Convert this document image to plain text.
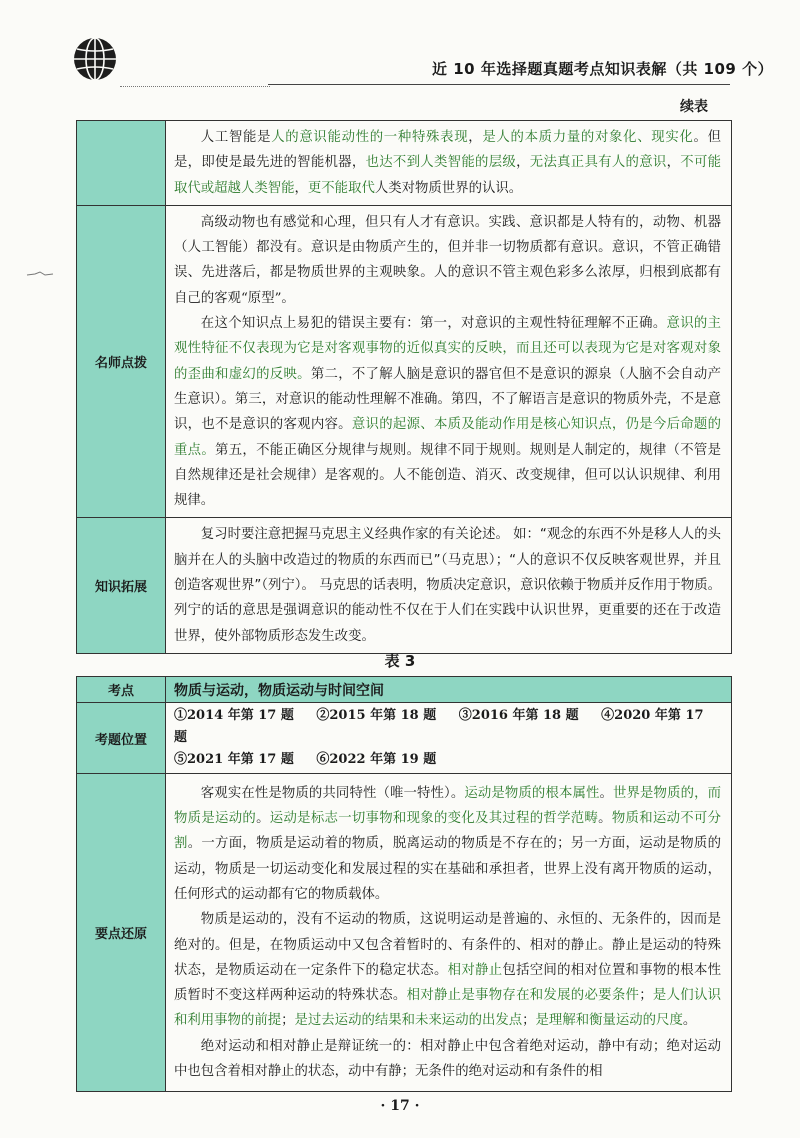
近 10 年选择题真题考点知识表解（共 109 个）
续表

	人工智能是人的意识能动性的一种特殊表现，是人的本质力量的对象化、现实化。但是，即使是最先进的智能机器，也达不到人类智能的层级，无法真正具有人的意识，不可能取代或超越人类智能，更不能取代人类对物质世界的认识。

名师点拨	高级动物也有感觉和心理，但只有人才有意识。实践、意识都是人特有的，动物、机器（人工智能）都没有。意识是由物质产生的，但并非一切物质都有意识。意识，不管正确错误、先进落后，都是物质世界的主观映象。人的意识不管主观色彩多么浓厚，归根到底都有自己的客观“原型”。

在这个知识点上易犯的错误主要有：第一，对意识的主观性特征理解不正确。意识的主观性特征不仅表现为它是对客观事物的近似真实的反映，而且还可以表现为它是对客观对象的歪曲和虚幻的反映。第二，不了解人脑是意识的器官但不是意识的源泉（人脑不会自动产生意识）。第三，对意识的能动性理解不准确。第四，不了解语言是意识的物质外壳，不是意识，也不是意识的客观内容。意识的起源、本质及能动作用是核心知识点，仍是今后命题的重点。第五，不能正确区分规律与规则。规律不同于规则。规则是人制定的，规律（不管是自然规律还是社会规律）是客观的。人不能创造、消灭、改变规律，但可以认识规律、利用规律。

知识拓展	复习时要注意把握马克思主义经典作家的有关论述。 如：“观念的东西不外是移人人的头脑并在人的头脑中改造过的物质的东西而已”（马克思）；“人的意识不仅反映客观世界，并且创造客观世界”（列宁）。 马克思的话表明，物质决定意识，意识依赖于物质并反作用于物质。 列宁的话的意思是强调意识的能动性不仅在于人们在实践中认识世界，更重要的还在于改造世界，使外部物质形态发生改变。

表 3
考点	物质与运动，物质运动与时间空间
考题位置	①2014 年第 17 题 ②2015 年第 18 题 ③2016 年第 18 题 ④2020 年第 17 题
⑤2021 年第 17 题 ⑥2022 年第 19 题

要点还原	客观实在性是物质的共同特性（唯一特性）。运动是物质的根本属性。世界是物质的，而物质是运动的。运动是标志一切事物和现象的变化及其过程的哲学范畴。物质和运动不可分割。一方面，物质是运动着的物质，脱离运动的物质是不存在的；另一方面，运动是物质的运动，物质是一切运动变化和发展过程的实在基础和承担者，世界上没有离开物质的运动，任何形式的运动都有它的物质载体。

物质是运动的，没有不运动的物质，这说明运动是普遍的、永恒的、无条件的，因而是绝对的。但是，在物质运动中又包含着暂时的、有条件的、相对的静止。静止是运动的特殊状态，是物质运动在一定条件下的稳定状态。相对静止包括空间的相对位置和事物的根本性质暂时不变这样两种运动的特殊状态。相对静止是事物存在和发展的必要条件；是人们认识和利用事物的前提；是过去运动的结果和未来运动的出发点；是理解和衡量运动的尺度。

绝对运动和相对静止是辩证统一的：相对静止中包含着绝对运动，静中有动；绝对运动中也包含着相对静止的状态，动中有静；无条件的绝对运动和有条件的相

· 17 ·
